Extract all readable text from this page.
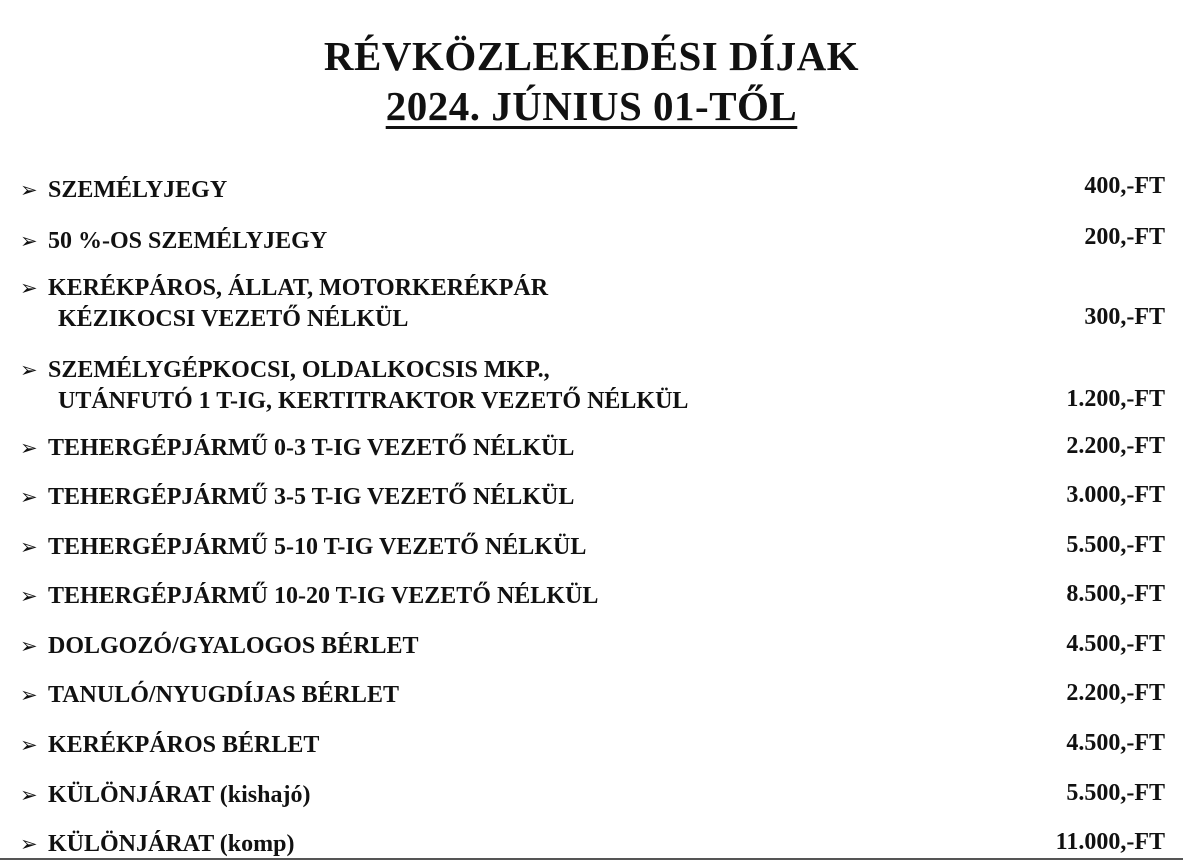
RÉVKÖZLEKEDÉSI DÍJAK
2024. JÚNIUS 01-TŐL
➢ SZEMÉLYJEGY	400,-FT
➢ 50 %-OS SZEMÉLYJEGY	200,-FT
➢ KERÉKPÁROS, ÁLLAT, MOTORKERÉKPÁR
KÉZIKOCSI VEZETŐ NÉLKÜL	300,-FT
➢ SZEMÉLYGÉPKOCSI, OLDALKOCSIS MKP.,
UTÁNFUTÓ 1 T-IG, KERTITRAKTOR VEZETŐ NÉLKÜL	1.200,-FT
➢ TEHERGÉPJÁRMŰ 0-3 T-IG VEZETŐ NÉLKÜL	2.200,-FT
➢ TEHERGÉPJÁRMŰ 3-5 T-IG VEZETŐ NÉLKÜL	3.000,-FT
➢ TEHERGÉPJÁRMŰ 5-10 T-IG VEZETŐ NÉLKÜL	5.500,-FT
➢ TEHERGÉPJÁRMŰ 10-20 T-IG VEZETŐ NÉLKÜL	8.500,-FT
➢ DOLGOZÓ/GYALOGOS BÉRLET	4.500,-FT
➢ TANULÓ/NYUGDÍJAS BÉRLET	2.200,-FT
➢ KERÉKPÁROS BÉRLET	4.500,-FT
➢ KÜLÖNJÁRAT (kishajó)	5.500,-FT
➢ KÜLÖNJÁRAT (komp)	11.000,-FT
